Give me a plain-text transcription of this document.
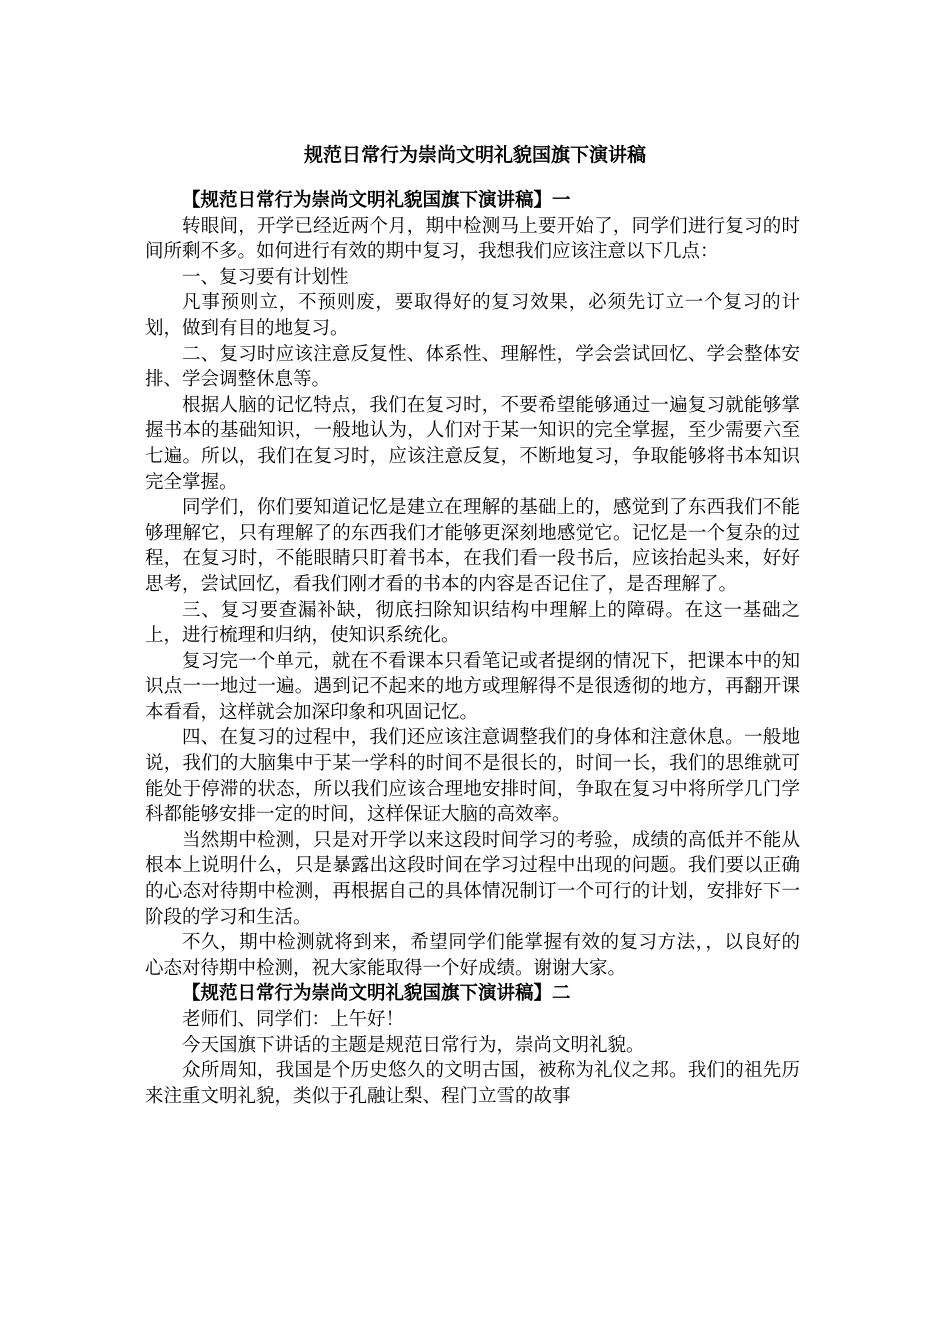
规范日常行为崇尚文明礼貌国旗下演讲稿

【规范日常行为崇尚文明礼貌国旗下演讲稿】一

转眼间，开学已经近两个月，期中检测马上要开始了，同学们进行复习的时间所剩不多。如何进行有效的期中复习，我想我们应该注意以下几点：

一、复习要有计划性

凡事预则立，不预则废，要取得好的复习效果，必须先订立一个复习的计划，做到有目的地复习。

二、复习时应该注意反复性、体系性、理解性，学会尝试回忆、学会整体安排、学会调整休息等。

根据人脑的记忆特点，我们在复习时，不要希望能够通过一遍复习就能够掌握书本的基础知识，一般地认为，人们对于某一知识的完全掌握，至少需要六至七遍。所以，我们在复习时，应该注意反复，不断地复习，争取能够将书本知识完全掌握。

同学们，你们要知道记忆是建立在理解的基础上的，感觉到了东西我们不能够理解它，只有理解了的东西我们才能够更深刻地感觉它。记忆是一个复杂的过程，在复习时，不能眼睛只盯着书本，在我们看一段书后，应该抬起头来，好好思考，尝试回忆，看我们刚才看的书本的内容是否记住了，是否理解了。

三、复习要查漏补缺，彻底扫除知识结构中理解上的障碍。在这一基础之上，进行梳理和归纳，使知识系统化。

复习完一个单元，就在不看课本只看笔记或者提纲的情况下，把课本中的知识点一一地过一遍。遇到记不起来的地方或理解得不是很透彻的地方，再翻开课本看看，这样就会加深印象和巩固记忆。

四、在复习的过程中，我们还应该注意调整我们的身体和注意休息。一般地说，我们的大脑集中于某一学科的时间不是很长的，时间一长，我们的思维就可能处于停滞的状态，所以我们应该合理地安排时间，争取在复习中将所学几门学科都能够安排一定的时间，这样保证大脑的高效率。

当然期中检测，只是对开学以来这段时间学习的考验，成绩的高低并不能从根本上说明什么，只是暴露出这段时间在学习过程中出现的问题。我们要以正确的心态对待期中检测，再根据自己的具体情况制订一个可行的计划，安排好下一阶段的学习和生活。

不久，期中检测就将到来，希望同学们能掌握有效的复习方法，，以良好的心态对待期中检测，祝大家能取得一个好成绩。谢谢大家。

【规范日常行为崇尚文明礼貌国旗下演讲稿】二

老师们、同学们：上午好！

今天国旗下讲话的主题是规范日常行为，崇尚文明礼貌。

众所周知，我国是个历史悠久的文明古国，被称为礼仪之邦。我们的祖先历来注重文明礼貌，类似于孔融让梨、程门立雪的故事
